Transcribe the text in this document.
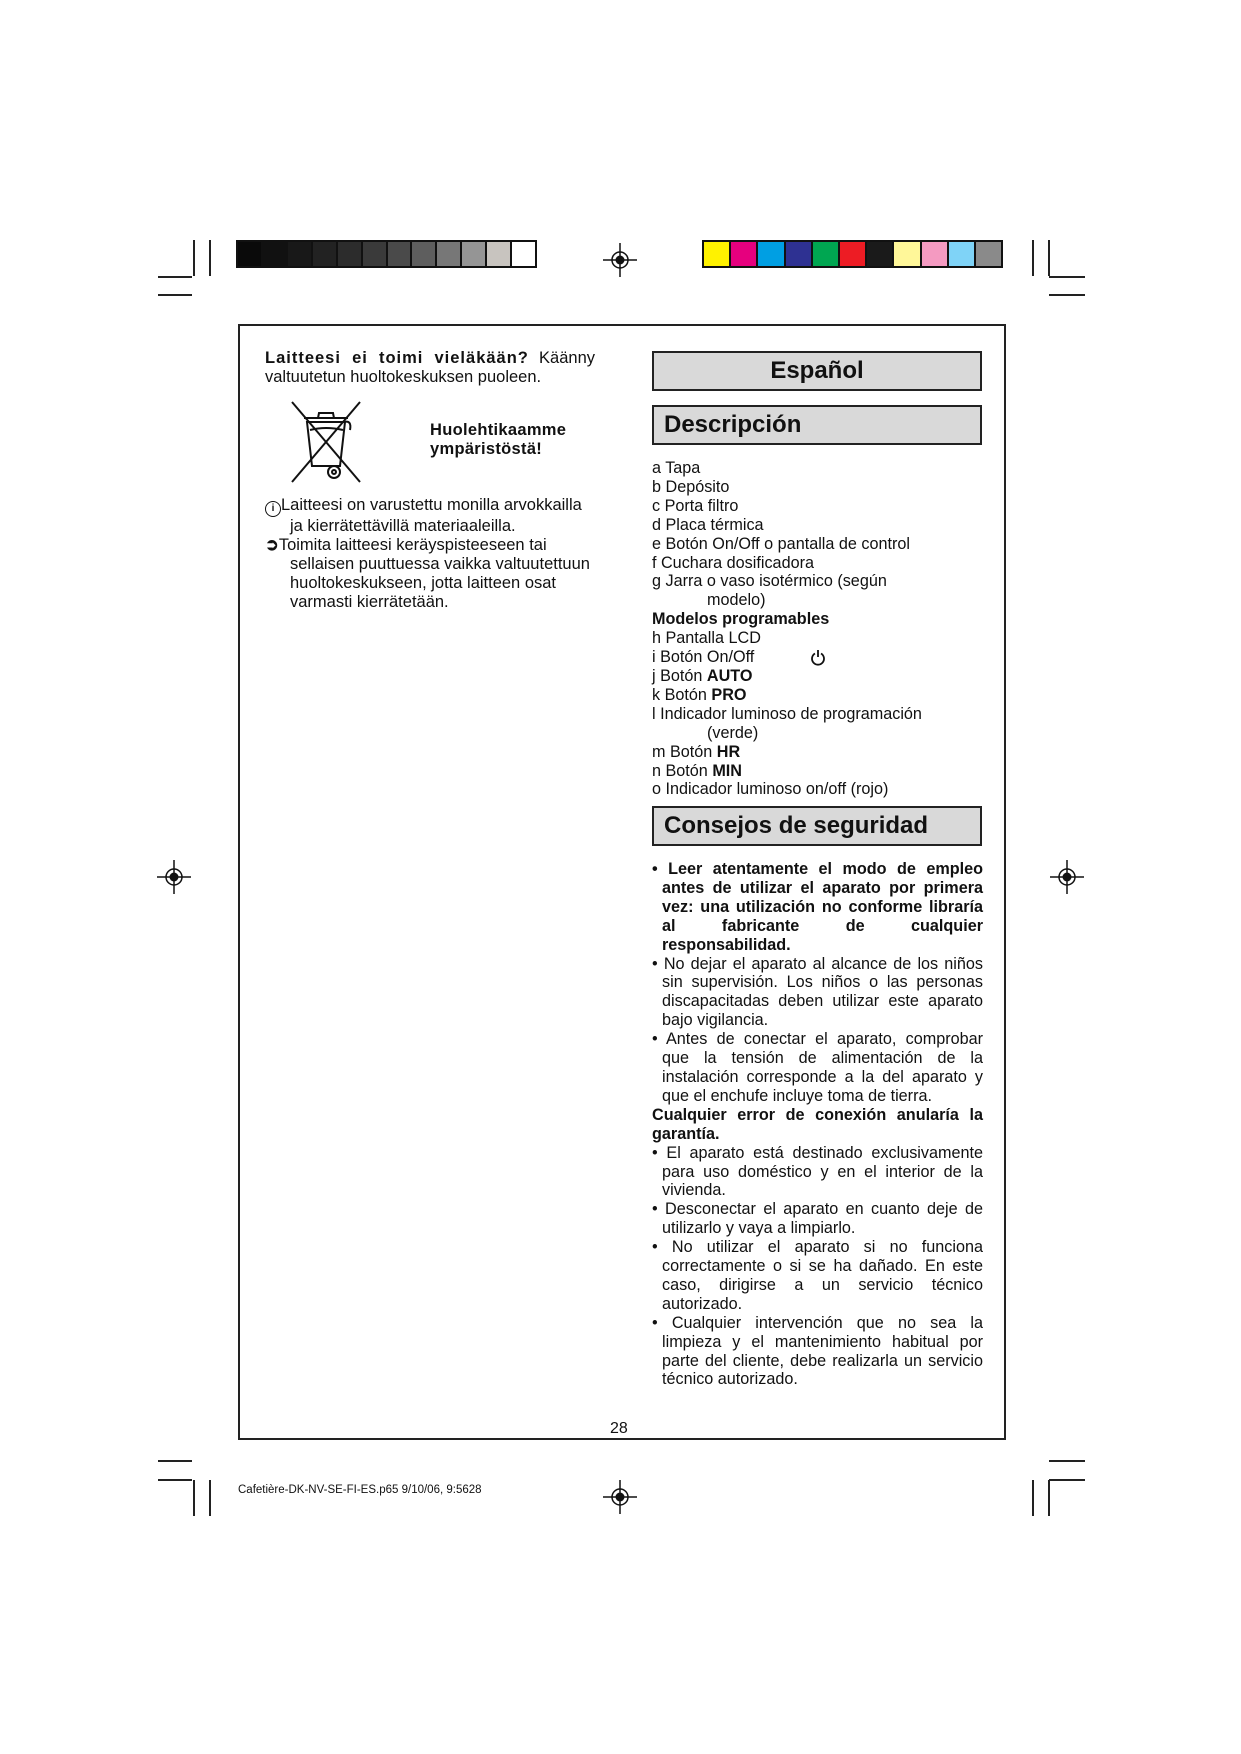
Laitteesi ei toimi vieläkään? Käänny valtuutetun huoltokeskuksen puoleen.
Huolehtikaamme
ympäristöstä!
i Laitteesi on varustettu monilla arvokkailla
ja kierrätettävillä materiaaleilla.
➲Toimita laitteesi keräyspisteeseen tai
sellaisen puuttuessa vaikka valtuutettuun
huoltokeskukseen, jotta laitteen osat
varmasti kierrätetään.
Español
Descripción
a Tapa
b Depósito
c Porta filtro
d Placa térmica
e Botón On/Off o pantalla de control
f Cuchara dosificadora
g Jarra o vaso isotérmico (según
modelo)
Modelos programables
h Pantalla LCD
i Botón On/Off
j Botón AUTO
k Botón PRO
l Indicador luminoso de programación
(verde)
m Botón HR
n Botón MIN
o Indicador luminoso on/off (rojo)
Consejos de seguridad
• Leer atentamente el modo de empleo antes de utilizar el aparato por primera vez: una utilización no conforme libraría al fabricante de cualquier responsabilidad.
• No dejar el aparato al alcance de los niños sin supervisión. Los niños o las personas discapacitadas deben utilizar este aparato bajo vigilancia.
• Antes de conectar el aparato, comprobar que la tensión de alimentación de la instalación corresponde a la del aparato y que el enchufe incluye toma de tierra.
Cualquier error de conexión anularía la garantía.
• El aparato está destinado exclusivamente para uso doméstico y en el interior de la vivienda.
• Desconectar el aparato en cuanto deje de utilizarlo y vaya a limpiarlo.
• No utilizar el aparato si no funciona correctamente o si se ha dañado. En este caso, dirigirse a un servicio técnico autorizado.
• Cualquier intervención que no sea la limpieza y el mantenimiento habitual por parte del cliente, debe realizarla un servicio técnico autorizado.
28
Cafetière-DK-NV-SE-FI-ES.p65 9/10/06, 9:5628
